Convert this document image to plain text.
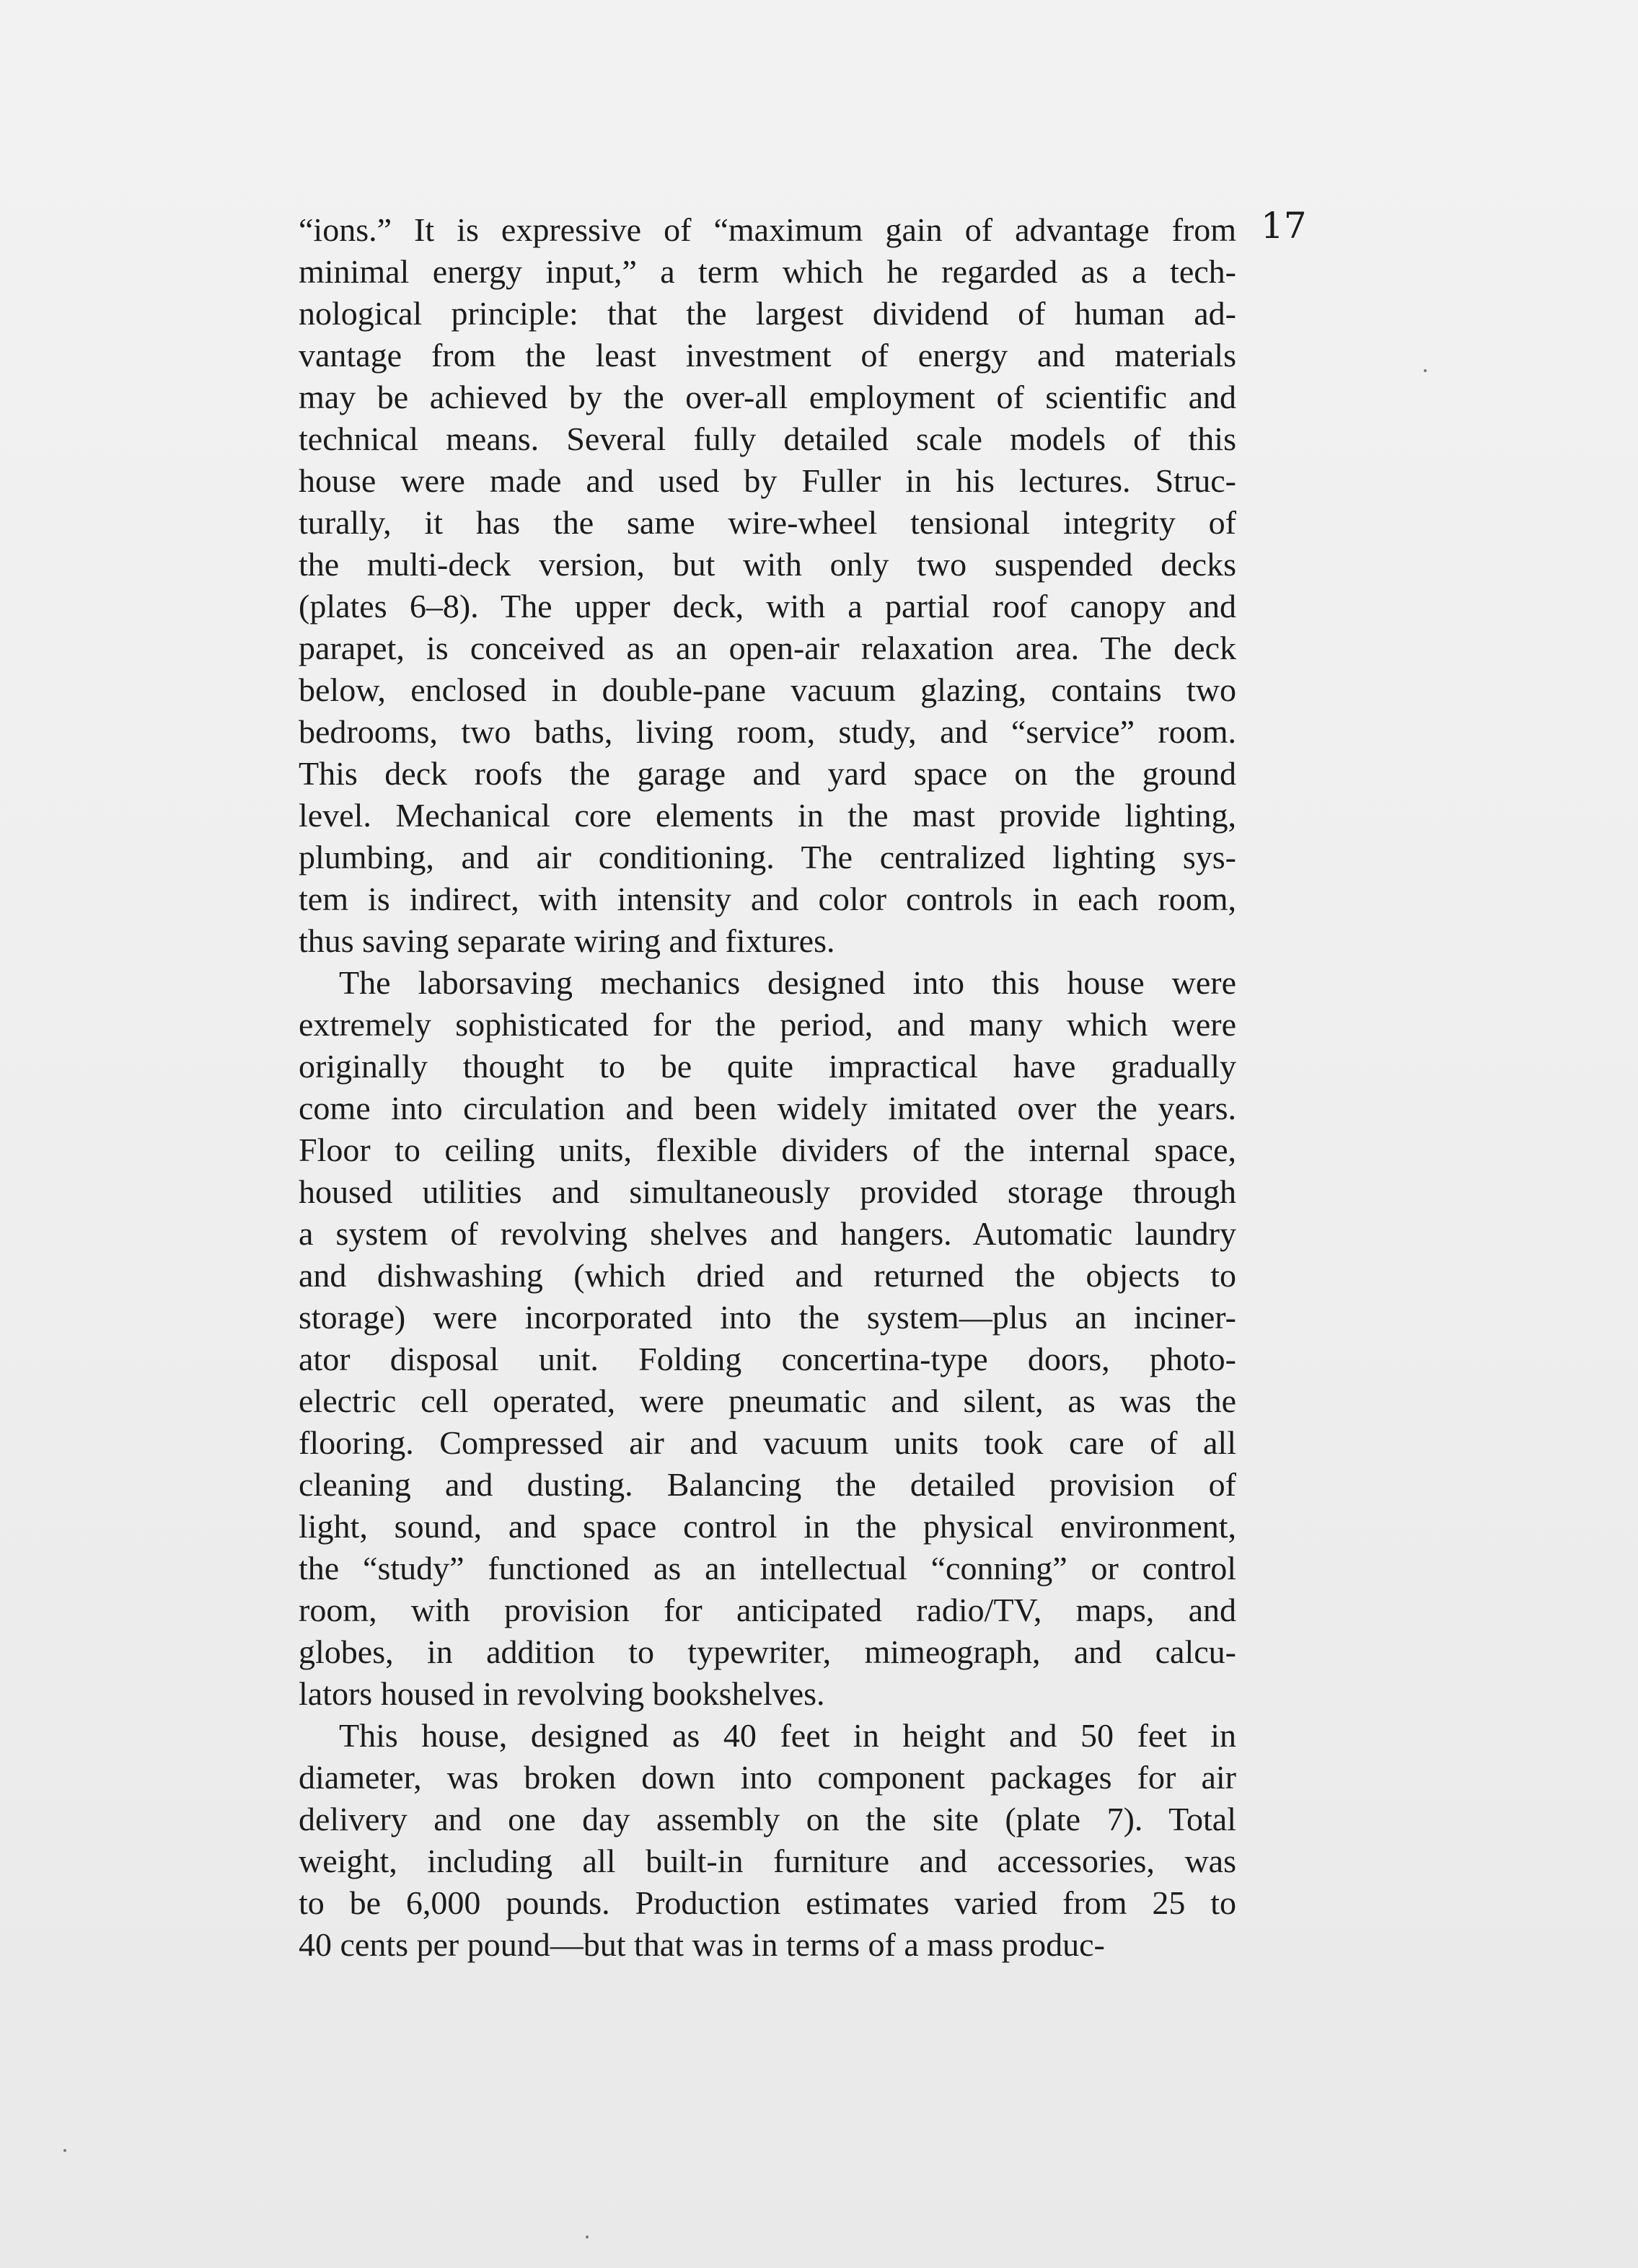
17

“ions.” It is expressive of “maximum gain of advantage from
minimal energy input,” a term which he regarded as a tech-
nological principle: that the largest dividend of human ad-
vantage from the least investment of energy and materials
may be achieved by the over-all employment of scientific and
technical means. Several fully detailed scale models of this
house were made and used by Fuller in his lectures. Struc-
turally, it has the same wire-wheel tensional integrity of
the multi-deck version, but with only two suspended decks
(plates 6–8). The upper deck, with a partial roof canopy and
parapet, is conceived as an open-air relaxation area. The deck
below, enclosed in double-pane vacuum glazing, contains two
bedrooms, two baths, living room, study, and “service” room.
This deck roofs the garage and yard space on the ground
level. Mechanical core elements in the mast provide lighting,
plumbing, and air conditioning. The centralized lighting sys-
tem is indirect, with intensity and color controls in each room,
thus saving separate wiring and fixtures.
The laborsaving mechanics designed into this house were
extremely sophisticated for the period, and many which were
originally thought to be quite impractical have gradually
come into circulation and been widely imitated over the years.
Floor to ceiling units, flexible dividers of the internal space,
housed utilities and simultaneously provided storage through
a system of revolving shelves and hangers. Automatic laundry
and dishwashing (which dried and returned the objects to
storage) were incorporated into the system—plus an inciner-
ator disposal unit. Folding concertina-type doors, photo-
electric cell operated, were pneumatic and silent, as was the
flooring. Compressed air and vacuum units took care of all
cleaning and dusting. Balancing the detailed provision of
light, sound, and space control in the physical environment,
the “study” functioned as an intellectual “conning” or control
room, with provision for anticipated radio/TV, maps, and
globes, in addition to typewriter, mimeograph, and calcu-
lators housed in revolving bookshelves.
This house, designed as 40 feet in height and 50 feet in
diameter, was broken down into component packages for air
delivery and one day assembly on the site (plate 7). Total
weight, including all built-in furniture and accessories, was
to be 6,000 pounds. Production estimates varied from 25 to
40 cents per pound—but that was in terms of a mass produc-
